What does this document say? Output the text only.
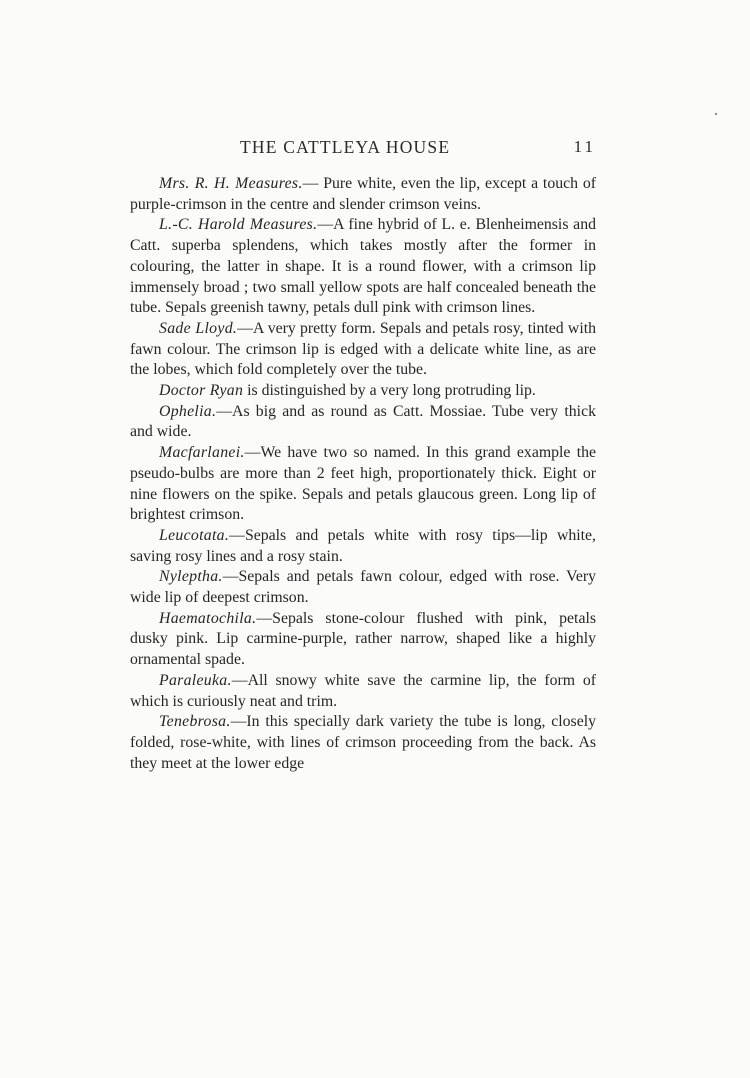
THE CATTLEYA HOUSE	11

Mrs. R. H. Measures.— Pure white, even the lip, except a touch of purple-crimson in the centre and slender crimson veins.

L.-C. Harold Measures.—A fine hybrid of L. e. Blenheimensis and Catt. superba splendens, which takes mostly after the former in colouring, the latter in shape. It is a round flower, with a crimson lip immensely broad ; two small yellow spots are half concealed beneath the tube. Sepals greenish tawny, petals dull pink with crimson lines.

Sade Lloyd.—A very pretty form. Sepals and petals rosy, tinted with fawn colour. The crimson lip is edged with a delicate white line, as are the lobes, which fold completely over the tube.

Doctor Ryan is distinguished by a very long protruding lip.

Ophelia.—As big and as round as Catt. Mossiae. Tube very thick and wide.

Macfarlanei.—We have two so named. In this grand example the pseudo-bulbs are more than 2 feet high, proportionately thick. Eight or nine flowers on the spike. Sepals and petals glaucous green. Long lip of brightest crimson.

Leucotata.—Sepals and petals white with rosy tips—lip white, saving rosy lines and a rosy stain.

Nyleptha.—Sepals and petals fawn colour, edged with rose. Very wide lip of deepest crimson.

Haematochila.—Sepals stone-colour flushed with pink, petals dusky pink. Lip carmine-purple, rather narrow, shaped like a highly ornamental spade.

Paraleuka.—All snowy white save the carmine lip, the form of which is curiously neat and trim.

Tenebrosa.—In this specially dark variety the tube is long, closely folded, rose-white, with lines of crimson proceeding from the back. As they meet at the lower edge
